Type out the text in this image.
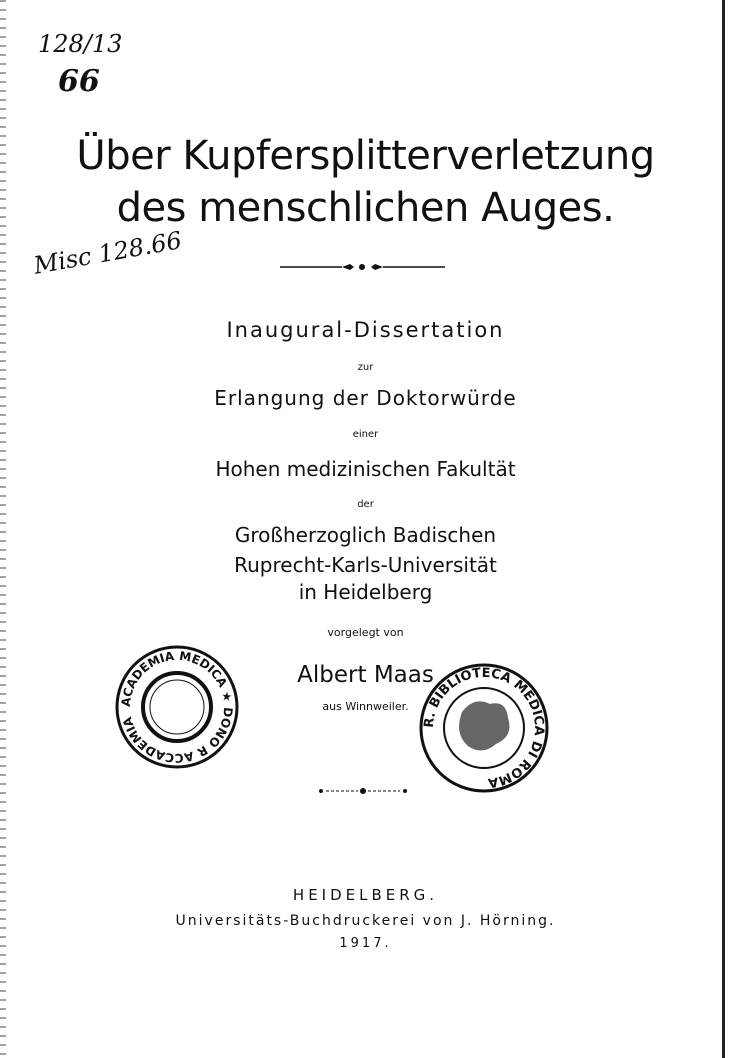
128/13
66
Misc 128.66
Über Kupfersplitterverletzung
des menschlichen Auges.
Inaugural-Dissertation
zur
Erlangung der Doktorwürde
einer
Hohen medizinischen Fakultät
der
Großherzoglich Badischen
Ruprecht-Karls-Universität
in Heidelberg
vorgelegt von
Albert Maas
aus Winnweiler.
ACADEMIA MEDICA ★ DONO R ACCADEMIA	R. BIBLIOTECA MEDICA DI ROMA
HEIDELBERG.
Universitäts-Buchdruckerei von J. Hörning.
1917.
